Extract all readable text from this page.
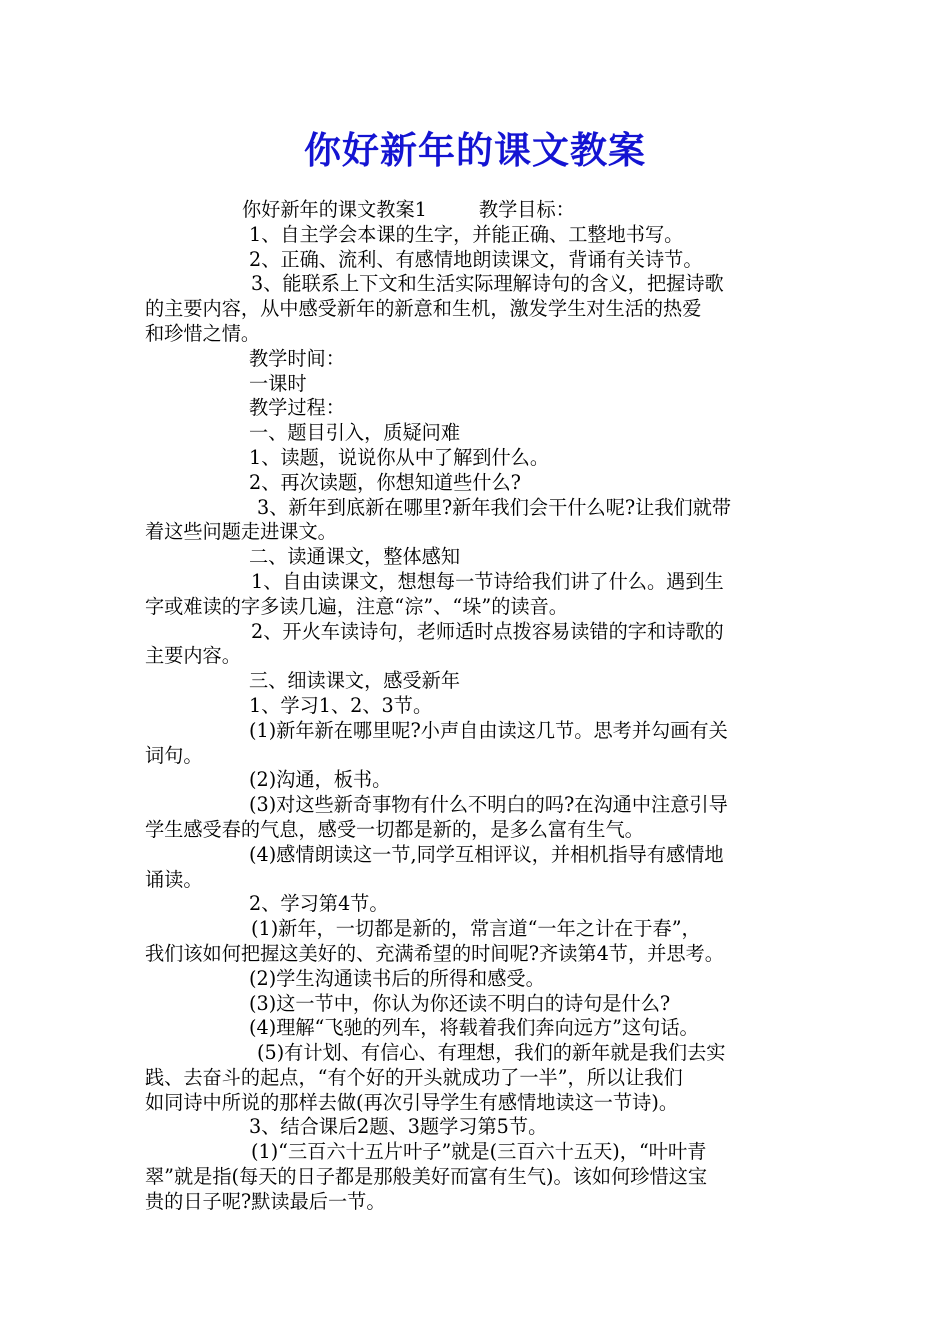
你好新年的课文教案

你好新年的课文教案1	教学目标：

1、自主学会本课的生字，并能正确、工整地书写。

2、正确、流利、有感情地朗读课文，背诵有关诗节。

3、能联系上下文和生活实际理解诗句的含义，把握诗歌

的主要内容，从中感受新年的新意和生机，激发学生对生活的热爱

和珍惜之情。

教学时间：

一课时

教学过程：

一、题目引入，质疑问难

1、读题，说说你从中了解到什么。

2、再次读题，你想知道些什么?

3、新年到底新在哪里?新年我们会干什么呢?让我们就带

着这些问题走进课文。

二、读通课文，整体感知

1、自由读课文，想想每一节诗给我们讲了什么。遇到生

字或难读的字多读几遍，注意“淙”、“垛”的读音。

2、开火车读诗句，老师适时点拨容易读错的字和诗歌的

主要内容。

三、细读课文，感受新年

1、学习1、2、3节。

(1)新年新在哪里呢?小声自由读这几节。思考并勾画有关

词句。

(2)沟通，板书。

(3)对这些新奇事物有什么不明白的吗?在沟通中注意引导

学生感受春的气息，感受一切都是新的，是多么富有生气。

(4)感情朗读这一节,同学互相评议，并相机指导有感情地

诵读。

2、学习第4节。

(1)新年，一切都是新的，常言道“一年之计在于春”，

我们该如何把握这美好的、充满希望的时间呢?齐读第4节，并思考。

(2)学生沟通读书后的所得和感受。

(3)这一节中，你认为你还读不明白的诗句是什么?

(4)理解“飞驰的列车，将载着我们奔向远方”这句话。

(5)有计划、有信心、有理想，我们的新年就是我们去实

践、去奋斗的起点，“有个好的开头就成功了一半”，所以让我们

如同诗中所说的那样去做(再次引导学生有感情地读这一节诗)。

3、结合课后2题、3题学习第5节。

(1)“三百六十五片叶子”就是(三百六十五天)，“叶叶青

翠”就是指(每天的日子都是那般美好而富有生气)。该如何珍惜这宝

贵的日子呢?默读最后一节。
